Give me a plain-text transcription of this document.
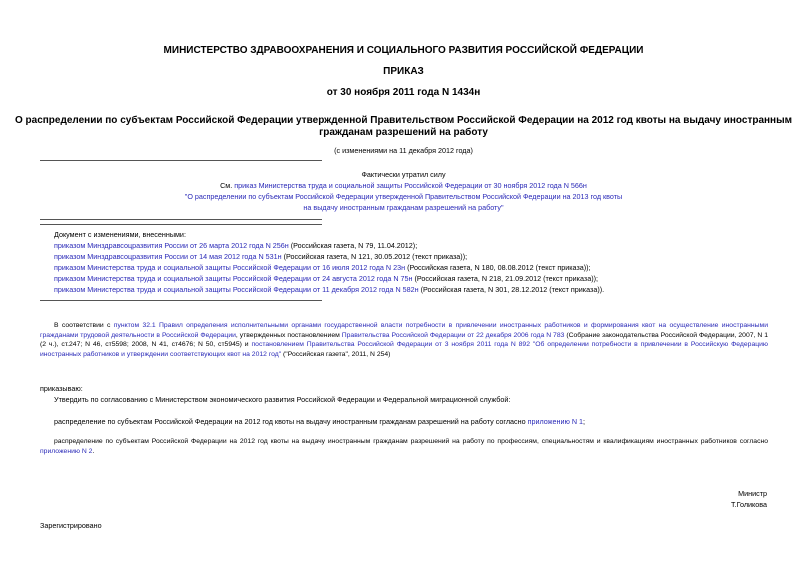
МИНИСТЕРСТВО ЗДРАВООХРАНЕНИЯ И СОЦИАЛЬНОГО РАЗВИТИЯ РОССИЙСКОЙ ФЕДЕРАЦИИ
ПРИКАЗ
от 30 ноября 2011 года N 1434н
О распределении по субъектам Российской Федерации утвержденной Правительством Российской Федерации на 2012 год квоты на выдачу иностранным
гражданам разрешений на работу
(с изменениями на 11 декабря 2012 года)
Фактически утратил силу
См. приказ Министерства труда и социальной защиты Российской Федерации от 30 ноября 2012 года N 566н
"О распределении по субъектам Российской Федерации утвержденной Правительством Российской Федерации на 2013 год квоты
на выдачу иностранным гражданам разрешений на работу"
Документ с изменениями, внесенными:
приказом Минздравсоцразвития России от 26 марта 2012 года N 256н (Российская газета, N 79, 11.04.2012);
приказом Минздравсоцразвития России от 14 мая 2012 года N 531н (Российская газета, N 121, 30.05.2012 (текст приказа));
приказом Министерства труда и социальной защиты Российской Федерации от 16 июля 2012 года N 23н (Российская газета, N 180, 08.08.2012 (текст приказа));
приказом Министерства труда и социальной защиты Российской Федерации от 24 августа 2012 года N 75н (Российская газета, N 218, 21.09.2012 (текст приказа));
приказом Министерства труда и социальной защиты Российской Федерации от 11 декабря 2012 года N 582н (Российская газета, N 301, 28.12.2012 (текст приказа)).
В соответствии с пунктом 32.1 Правил определения исполнительными органами государственной власти потребности в привлечении иностранных работников и формирования квот на осуществление иностранными гражданами трудовой деятельности в Российской Федерации, утвержденных постановлением Правительства Российской Федерации от 22 декабря 2006 года N 783 (Собрание законодательства Российской Федерации, 2007, N 1 (2 ч.), ст.247; N 46, ст5598; 2008, N 41, ст4676; N 50, ст5945) и постановлением Правительства Российской Федерации от 3 ноября 2011 года N 892 "Об определении потребности в привлечении в Российскую Федерацию иностранных работников и утверждении соответствующих квот на 2012 год" ("Российская газета", 2011, N 254)
приказываю:
Утвердить по согласованию с Министерством экономического развития Российской Федерации и Федеральной миграционной службой:
распределение по субъектам Российской Федерации на 2012 год квоты на выдачу иностранным гражданам разрешений на работу согласно приложению N 1;
распределение по субъектам Российской Федерации на 2012 год квоты на выдачу иностранным гражданам разрешений на работу по профессиям, специальностям и квалификациям иностранных работников согласно приложению N 2.
Министр
Т.Голикова
Зарегистрировано
